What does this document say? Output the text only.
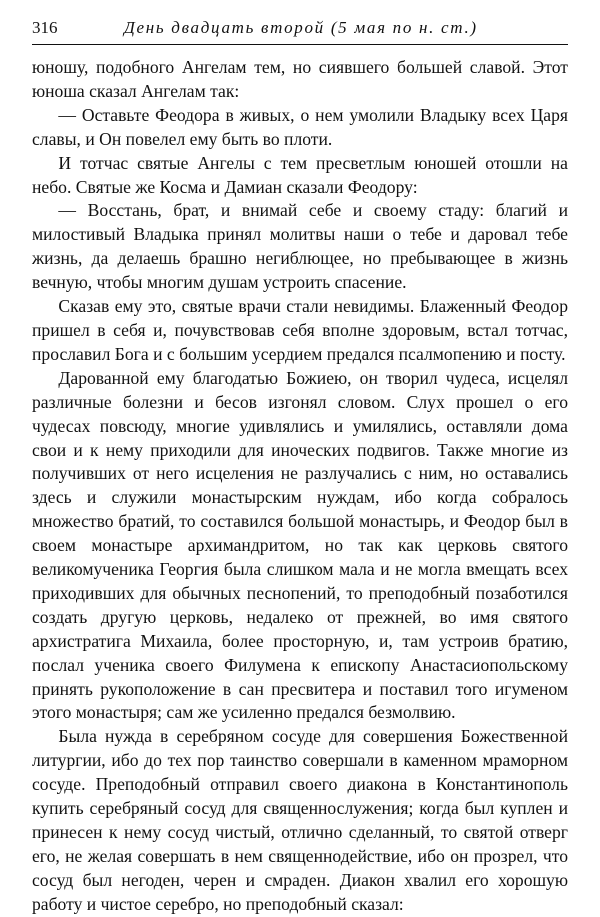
316	День двадцать второй (5 мая по н. ст.)

юношу, подобного Ангелам тем, но сиявшего большей славой. Этот юноша сказал Ангелам так:

— Оставьте Феодора в живых, о нем умолили Владыку всех Царя славы, и Он повелел ему быть во плоти.

И тотчас святые Ангелы с тем пресветлым юношей отошли на небо. Святые же Косма и Дамиан сказали Феодору:

— Восстань, брат, и внимай себе и своему стаду: благий и милостивый Владыка принял молитвы наши о тебе и даровал тебе жизнь, да делаешь брашно негиблющее, но пребывающее в жизнь вечную, чтобы многим душам устроить спасение.

Сказав ему это, святые врачи стали невидимы. Блаженный Феодор пришел в себя и, почувствовав себя вполне здоровым, встал тотчас, прославил Бога и с большим усердием предался псалмопению и посту.

Дарованной ему благодатью Божиею, он творил чудеса, исцелял различные болезни и бесов изгонял словом. Слух прошел о его чудесах повсюду, многие удивлялись и умилялись, оставляли дома свои и к нему приходили для иноческих подвигов. Также многие из получивших от него исцеления не разлучались с ним, но оставались здесь и служили монастырским нуждам, ибо когда собралось множество братий, то составился большой монастырь, и Феодор был в своем монастыре архимандритом, но так как церковь святого великомученика Георгия была слишком мала и не могла вмещать всех приходивших для обычных песнопений, то преподобный позаботился создать другую церковь, недалеко от прежней, во имя святого архистратига Михаила, более просторную, и, там устроив братию, послал ученика своего Филумена к епископу Анастасиопольскому принять рукоположение в сан пресвитера и поставил того игуменом этого монастыря; сам же усиленно предался безмолвию.

Была нужда в серебряном сосуде для совершения Божественной литургии, ибо до тех пор таинство совершали в каменном мраморном сосуде. Преподобный отправил своего диакона в Константинополь купить серебряный сосуд для священнослужения; когда был куплен и принесен к нему сосуд чистый, отлично сделанный, то святой отверг его, не желая совершать в нем священнодействие, ибо он прозрел, что сосуд был негоден, черен и смраден. Диакон хвалил его хорошую работу и чистое серебро, но преподобный сказал:
